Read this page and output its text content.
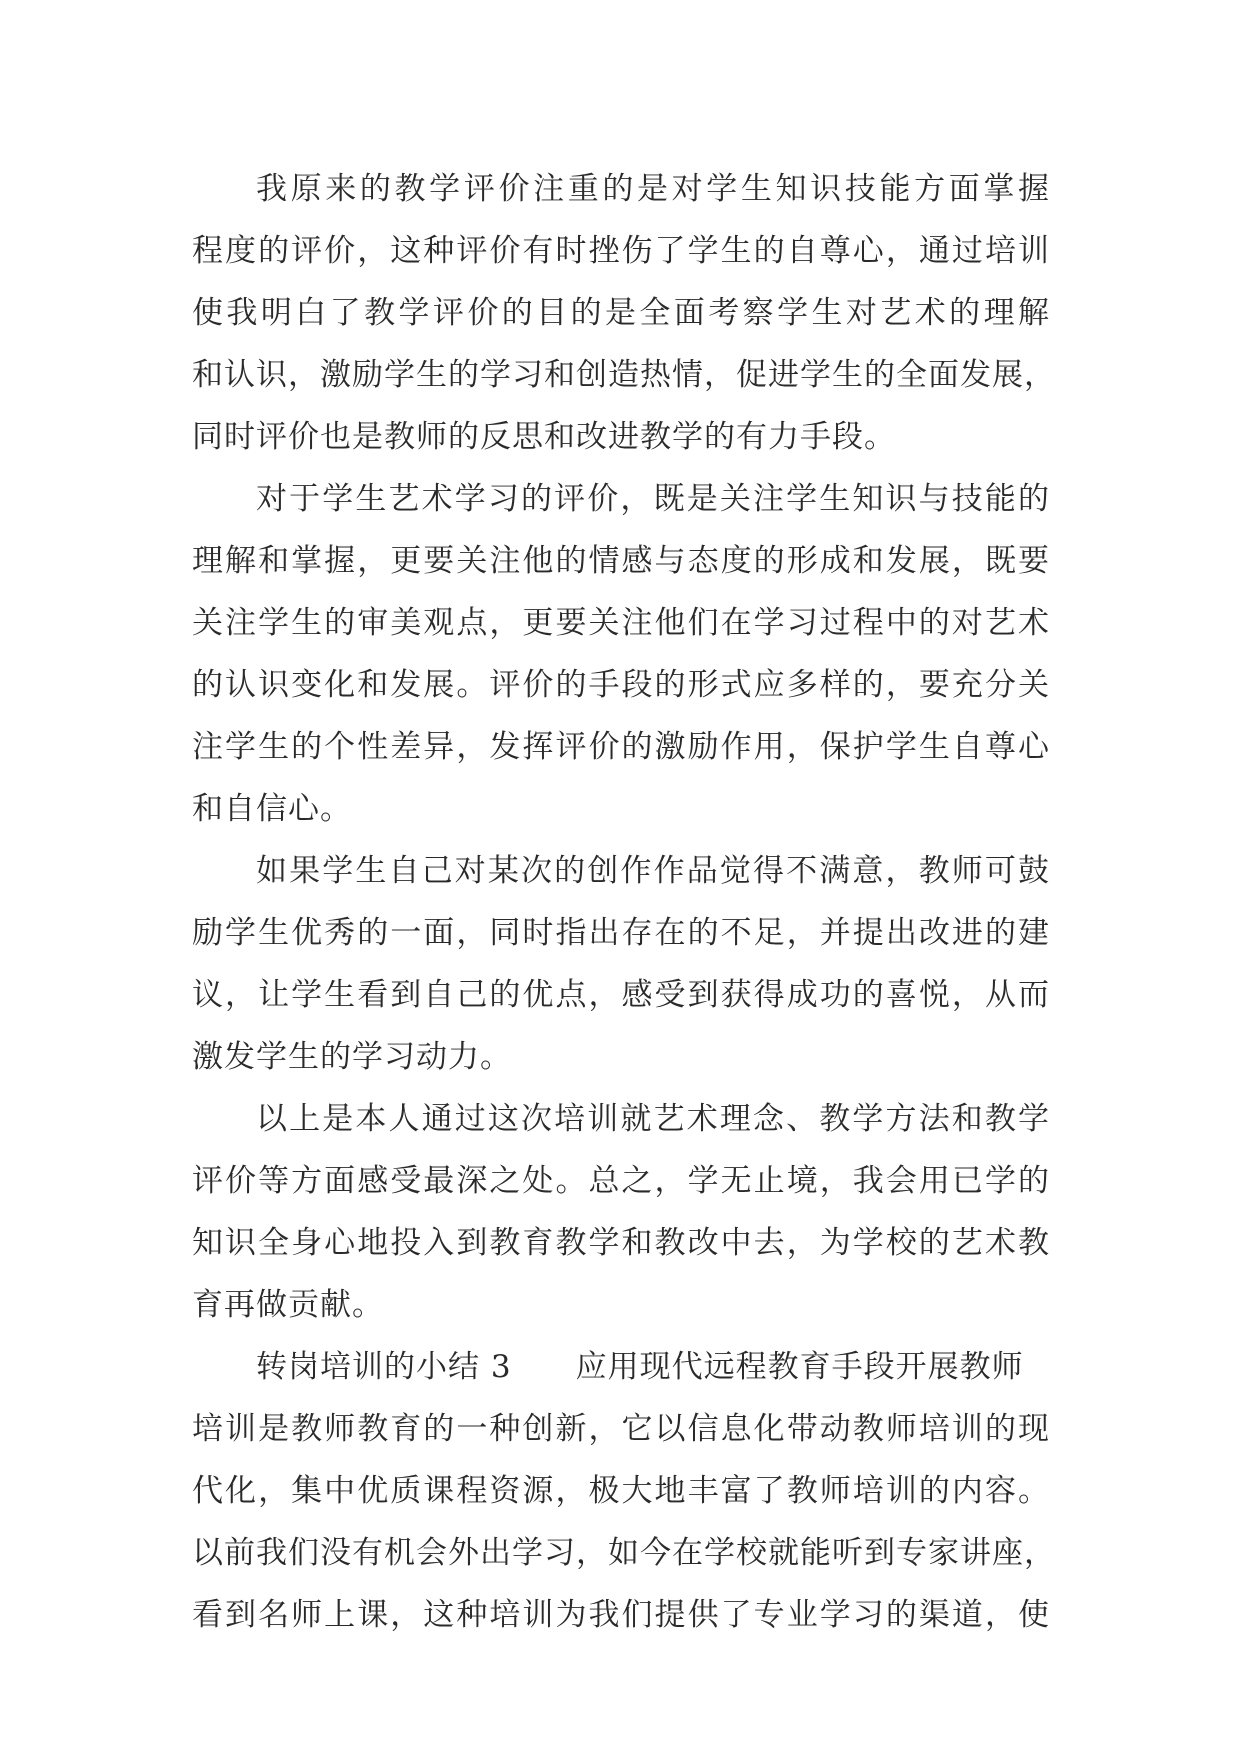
我原来的教学评价注重的是对学生知识技能方面掌握
程度的评价，这种评价有时挫伤了学生的自尊心，通过培训
使我明白了教学评价的目的是全面考察学生对艺术的理解
和认识，激励学生的学习和创造热情，促进学生的全面发展，
同时评价也是教师的反思和改进教学的有力手段。
对于学生艺术学习的评价，既是关注学生知识与技能的
理解和掌握，更要关注他的情感与态度的形成和发展，既要
关注学生的审美观点，更要关注他们在学习过程中的对艺术
的认识变化和发展。评价的手段的形式应多样的，要充分关
注学生的个性差异，发挥评价的激励作用，保护学生自尊心
和自信心。
如果学生自己对某次的创作作品觉得不满意，教师可鼓
励学生优秀的一面，同时指出存在的不足，并提出改进的建
议，让学生看到自己的优点，感受到获得成功的喜悦，从而
激发学生的学习动力。
以上是本人通过这次培训就艺术理念、教学方法和教学
评价等方面感受最深之处。总之，学无止境，我会用已学的
知识全身心地投入到教育教学和教改中去，为学校的艺术教
育再做贡献。
转岗培训的小结 3 应用现代远程教育手段开展教师
培训是教师教育的一种创新，它以信息化带动教师培训的现
代化，集中优质课程资源，极大地丰富了教师培训的内容。
以前我们没有机会外出学习，如今在学校就能听到专家讲座，
看到名师上课，这种培训为我们提供了专业学习的渠道，使
